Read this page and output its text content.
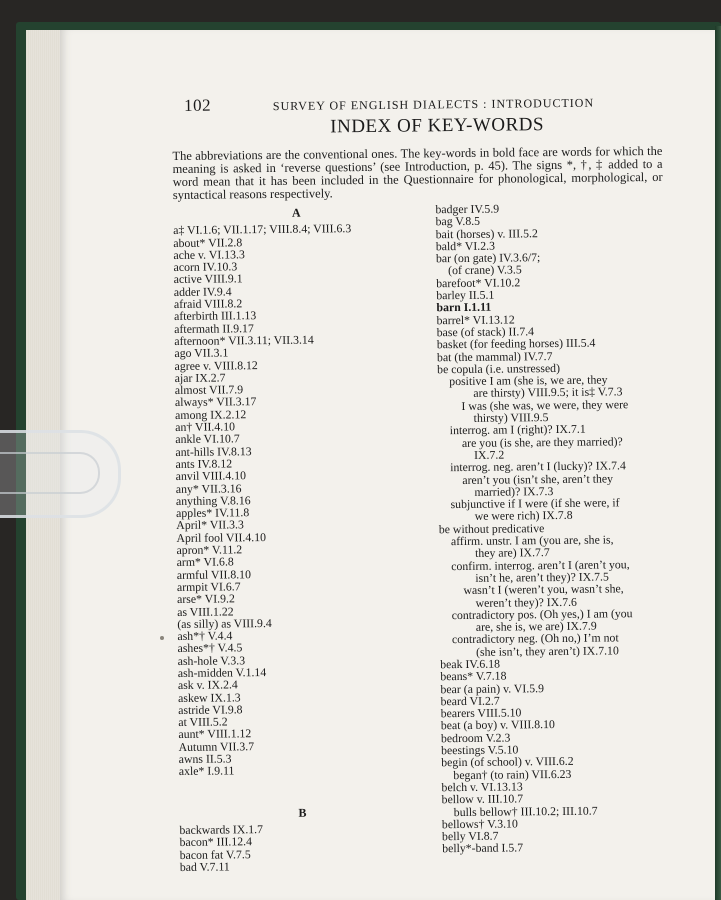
102	SURVEY OF ENGLISH DIALECTS : INTRODUCTION
INDEX OF KEY-WORDS

The abbreviations are the conventional ones. The key-words in bold face are words for which the meaning is asked in ‘reverse questions’ (see Introduction, p. 45). The signs *, †, ‡ added to a word mean that it has been included in the Questionnaire for phonological, morphological, or syntactical reasons respectively.

A
a‡ VI.1.6; VII.1.17; VIII.8.4; VIII.6.3
about* VII.2.8
ache v. VI.13.3
acorn IV.10.3
active VIII.9.1
adder IV.9.4
afraid VIII.8.2
afterbirth III.1.13
aftermath II.9.17
afternoon* VII.3.11; VII.3.14
ago VII.3.1
agree v. VIII.8.12
ajar IX.2.7
almost VII.7.9
always* VII.3.17
among IX.2.12
an† VII.4.10
ankle VI.10.7
ant-hills IV.8.13
ants IV.8.12
anvil VIII.4.10
any* VII.3.16
anything V.8.16
apples* IV.11.8
April* VII.3.3
April fool VII.4.10
apron* V.11.2
arm* VI.6.8
armful VII.8.10
armpit VI.6.7
arse* VI.9.2
as VIII.1.22
(as silly) as VIII.9.4
ash*† V.4.4
ashes*† V.4.5
ash-hole V.3.3
ash-midden V.1.14
ask v. IX.2.4
askew IX.1.3
astride VI.9.8
at VIII.5.2
aunt* VIII.1.12
Autumn VII.3.7
awns II.5.3
axle* I.9.11
B
backwards IX.1.7
bacon* III.12.4
bacon fat V.7.5
bad V.7.11
badger IV.5.9
bag V.8.5
bait (horses) v. III.5.2
bald* VI.2.3
bar (on gate) IV.3.6/7;
(of crane) V.3.5
barefoot* VI.10.2
barley II.5.1
barn I.1.11
barrel* VI.13.12
base (of stack) II.7.4
basket (for feeding horses) III.5.4
bat (the mammal) IV.7.7
be copula (i.e. unstressed)
positive I am (she is, we are, they
are thirsty) VIII.9.5; it is‡ V.7.3
I was (she was, we were, they were
thirsty) VIII.9.5
interrog. am I (right)? IX.7.1
are you (is she, are they married)?
IX.7.2
interrog. neg. aren’t I (lucky)? IX.7.4
aren’t you (isn’t she, aren’t they
married)? IX.7.3
subjunctive if I were (if she were, if
we were rich) IX.7.8
be without predicative
affirm. unstr. I am (you are, she is,
they are) IX.7.7
confirm. interrog. aren’t I (aren’t you,
isn’t he, aren’t they)? IX.7.5
wasn’t I (weren’t you, wasn’t she,
weren’t they)? IX.7.6
contradictory pos. (Oh yes,) I am (you
are, she is, we are) IX.7.9
contradictory neg. (Oh no,) I’m not
(she isn’t, they aren’t) IX.7.10
beak IV.6.18
beans* V.7.18
bear (a pain) v. VI.5.9
beard VI.2.7
bearers VIII.5.10
beat (a boy) v. VIII.8.10
bedroom V.2.3
beestings V.5.10
begin (of school) v. VIII.6.2
began† (to rain) VII.6.23
belch v. VI.13.13
bellow v. III.10.7
bulls bellow† III.10.2; III.10.7
bellows† V.3.10
belly VI.8.7
belly*-band I.5.7
